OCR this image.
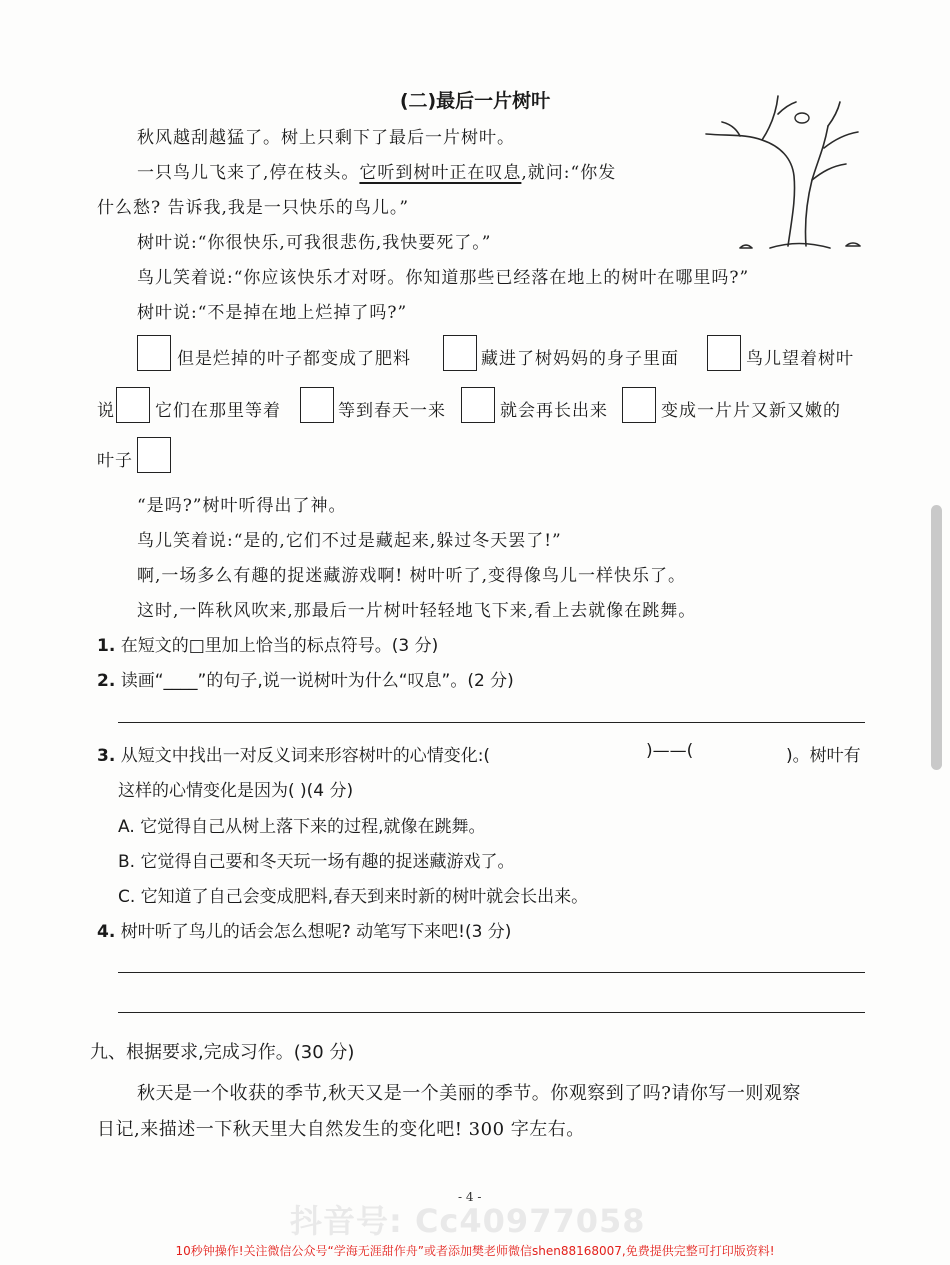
(二)最后一片树叶
秋风越刮越猛了。树上只剩下了最后一片树叶。
一只鸟儿飞来了,停在枝头。它听到树叶正在叹息,就问:“你发
什么愁? 告诉我,我是一只快乐的鸟儿。”
树叶说:“你很快乐,可我很悲伤,我快要死了。”
鸟儿笑着说:“你应该快乐才对呀。你知道那些已经落在地上的树叶在哪里吗?”
树叶说:“不是掉在地上烂掉了吗?”
但是烂掉的叶子都变成了肥料	藏进了树妈妈的身子里面	鸟儿望着树叶
说 它们在那里等着	等到春天一来	就会再长出来	变成一片片又新又嫩的
叶子
“是吗?”树叶听得出了神。
鸟儿笑着说:“是的,它们不过是藏起来,躲过冬天罢了!”
啊,一场多么有趣的捉迷藏游戏啊! 树叶听了,变得像鸟儿一样快乐了。
这时,一阵秋风吹来,那最后一片树叶轻轻地飞下来,看上去就像在跳舞。
1. 在短文的□里加上恰当的标点符号。(3 分)
2. 读画“____”的句子,说一说树叶为什么“叹息”。(2 分)
3. 从短文中找出一对反义词来形容树叶的心情变化:(	)——(	)。树叶有
这样的心情变化是因为( )(4 分)
A. 它觉得自己从树上落下来的过程,就像在跳舞。
B. 它觉得自己要和冬天玩一场有趣的捉迷藏游戏了。
C. 它知道了自己会变成肥料,春天到来时新的树叶就会长出来。
4. 树叶听了鸟儿的话会怎么想呢? 动笔写下来吧!(3 分)
九、根据要求,完成习作。(30 分)
秋天是一个收获的季节,秋天又是一个美丽的季节。你观察到了吗?请你写一则观察
日记,来描述一下秋天里大自然发生的变化吧! 300 字左右。
- 4 -
抖音号: Cc40977058
10秒钟操作!关注微信公众号“学海无涯甜作舟”或者添加樊老师微信shen88168007,免费提供完整可打印版资料!
